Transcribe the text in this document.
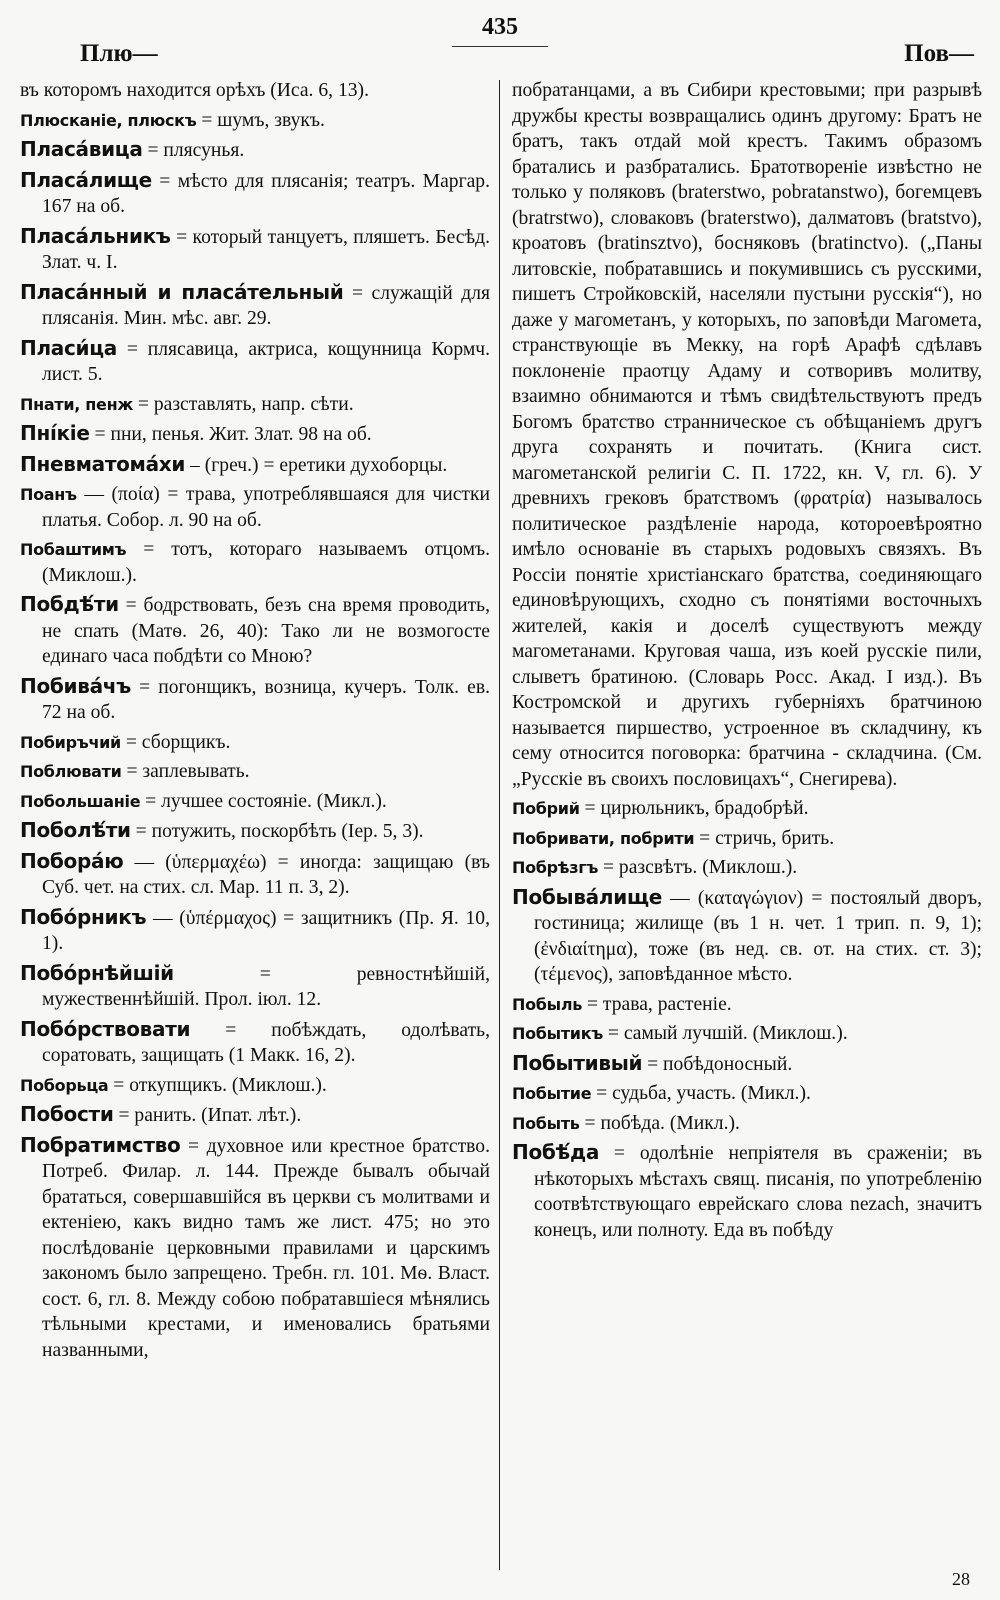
435
Плю—	Пов—

въ которомъ находится орѣхъ (Иса. 6, 13).

Плюсканіе, плюскъ = шумъ, звукъ.

Пласа́вица = плясунья.

Пласа́лище = мѣсто для плясанія; театръ. Маргар. 167 на об.

Пласа́льникъ = который танцуетъ, пляшетъ. Бесѣд. Злат. ч. I.

Пласа́нный и пласа́тельный = служащій для плясанія. Мин. мѣс. авг. 29.

Пласи́ца = плясавица, актриса, кощунница Кормч. лист. 5.

Пнати, пенж = разставлять, напр. сѣти.

Пні́кіе = пни, пенья. Жит. Злат. 98 на об.

Пневматома́хи – (греч.) = еретики духоборцы.

Поанъ — (ποία) = трава, употреблявшаяся для чистки платья. Собор. л. 90 на об.

Побаштимъ = тотъ, котораго называемъ отцомъ. (Миклош.).

Побдѣ́ти = бодрствовать, безъ сна время проводить, не спать (Матѳ. 26, 40): Тако ли не возмогосте единаго часа побдѣти со Мною?

Побива́чъ = погонщикъ, возница, кучеръ. Толк. ев. 72 на об.

Побиръчий = сборщикъ.

Поблювати = заплевывать.

Побольшаніе = лучшее состояніе. (Микл.).

Поболѣ́ти = потужить, поскорбѣть (Іер. 5, 3).

Побора́ю — (ὑπερμαχέω) = иногда: защищаю (въ Суб. чет. на стих. сл. Мар. 11 п. 3, 2).

Побо́рникъ — (ὑπέρμαχος) = защитникъ (Пр. Я. 10, 1).

Побо́рнѣйшій	= ревностнѣйшій, мужественнѣйшій. Прол. іюл. 12.

Побо́рствовати = побѣждать, одолѣвать, соратовать, защищать (1 Макк. 16, 2).

Поборьца = откупщикъ. (Миклош.).

Побости = ранить. (Ипат. лѣт.).

Побратимство = духовное или крестное братство. Потреб. Филар. л. 144. Прежде бывалъ обычай брататься, совершавшійся въ церкви съ молитвами и ектеніею, какъ видно тамъ же лист. 475; но это послѣдованіе церковными правилами и царскимъ закономъ было запрещено. Требн. гл. 101. Мѳ. Власт. сост. 6, гл. 8. Между собою побратавшіеся мѣнялись тѣльными крестами, и именовались братьями названными,

побратанцами, а въ Сибири крестовыми; при разрывѣ дружбы кресты возвращались одинъ другому: Братъ не братъ, такъ отдай мой крестъ. Такимъ образомъ братались и разбратались. Братотвореніе извѣстно не только у поляковъ (braterstwo, pobratanstwo), богемцевъ (bratrstwo), словаковъ (braterstwo), далматовъ (bratstvo), кроатовъ (bratinsztvo), босняковъ (bratinctvo). („Паны литовскіе, побратавшись и покумившись съ русскими, пишетъ Стройковскій, населяли пустыни русскія“), но даже у магометанъ, у которыхъ, по заповѣди Магомета, странствующіе въ Мекку, на горѣ Арафѣ сдѣлавъ поклоненіе праотцу Адаму и сотворивъ молитву, взаимно обнимаются и тѣмъ свидѣтельствуютъ предъ Богомъ братство странническое съ обѣщаніемъ другъ друга сохранять и почитать. (Книга сист. магометанской религіи С. П. 1722, кн. V, гл. 6). У древнихъ грековъ братствомъ (φρατρία) называлось политическое раздѣленіе народа, котороевѣроятно имѣло основаніе въ старыхъ родовыхъ связяхъ. Въ Россіи понятіе христіанскаго братства, соединяющаго единовѣрующихъ, сходно съ понятіями восточныхъ жителей, какія и доселѣ существуютъ между магометанами. Круговая чаша, изъ коей русскіе пили, слыветъ братиною. (Словарь Росс. Акад. I изд.). Въ Костромской и другихъ губерніяхъ братчиною называется пиршество, устроенное въ складчину, къ сему относится поговорка: братчина - складчина. (См. „Русскіе въ своихъ пословицахъ“, Снегирева).

Побрий = цирюльникъ, брадобрѣй.

Побривати, побрити = стричь, брить.

Побрѣзгъ = разсвѣтъ. (Миклош.).

Побыва́лище — (καταγώγιον) = постоялый дворъ, гостиница; жилище (въ 1 н. чет. 1 трип. п. 9, 1); (ἐνδιαίτημα), тоже (въ нед. св. от. на стих. ст. 3); (τέμενος), заповѣданное мѣсто.

Побыль = трава, растеніе.

Побытикъ = самый лучшій. (Миклош.).

Побытивый = побѣдоносный.

Побытие = судьба, участь. (Микл.).

Побыть = побѣда. (Микл.).

Побѣ́да = одолѣніе непріятеля въ сраженіи; въ нѣкоторыхъ мѣстахъ свящ. писанія, по употребленію соотвѣтствующаго еврейскаго слова nezach, значитъ конецъ, или полноту. Еда въ побѣду

28
